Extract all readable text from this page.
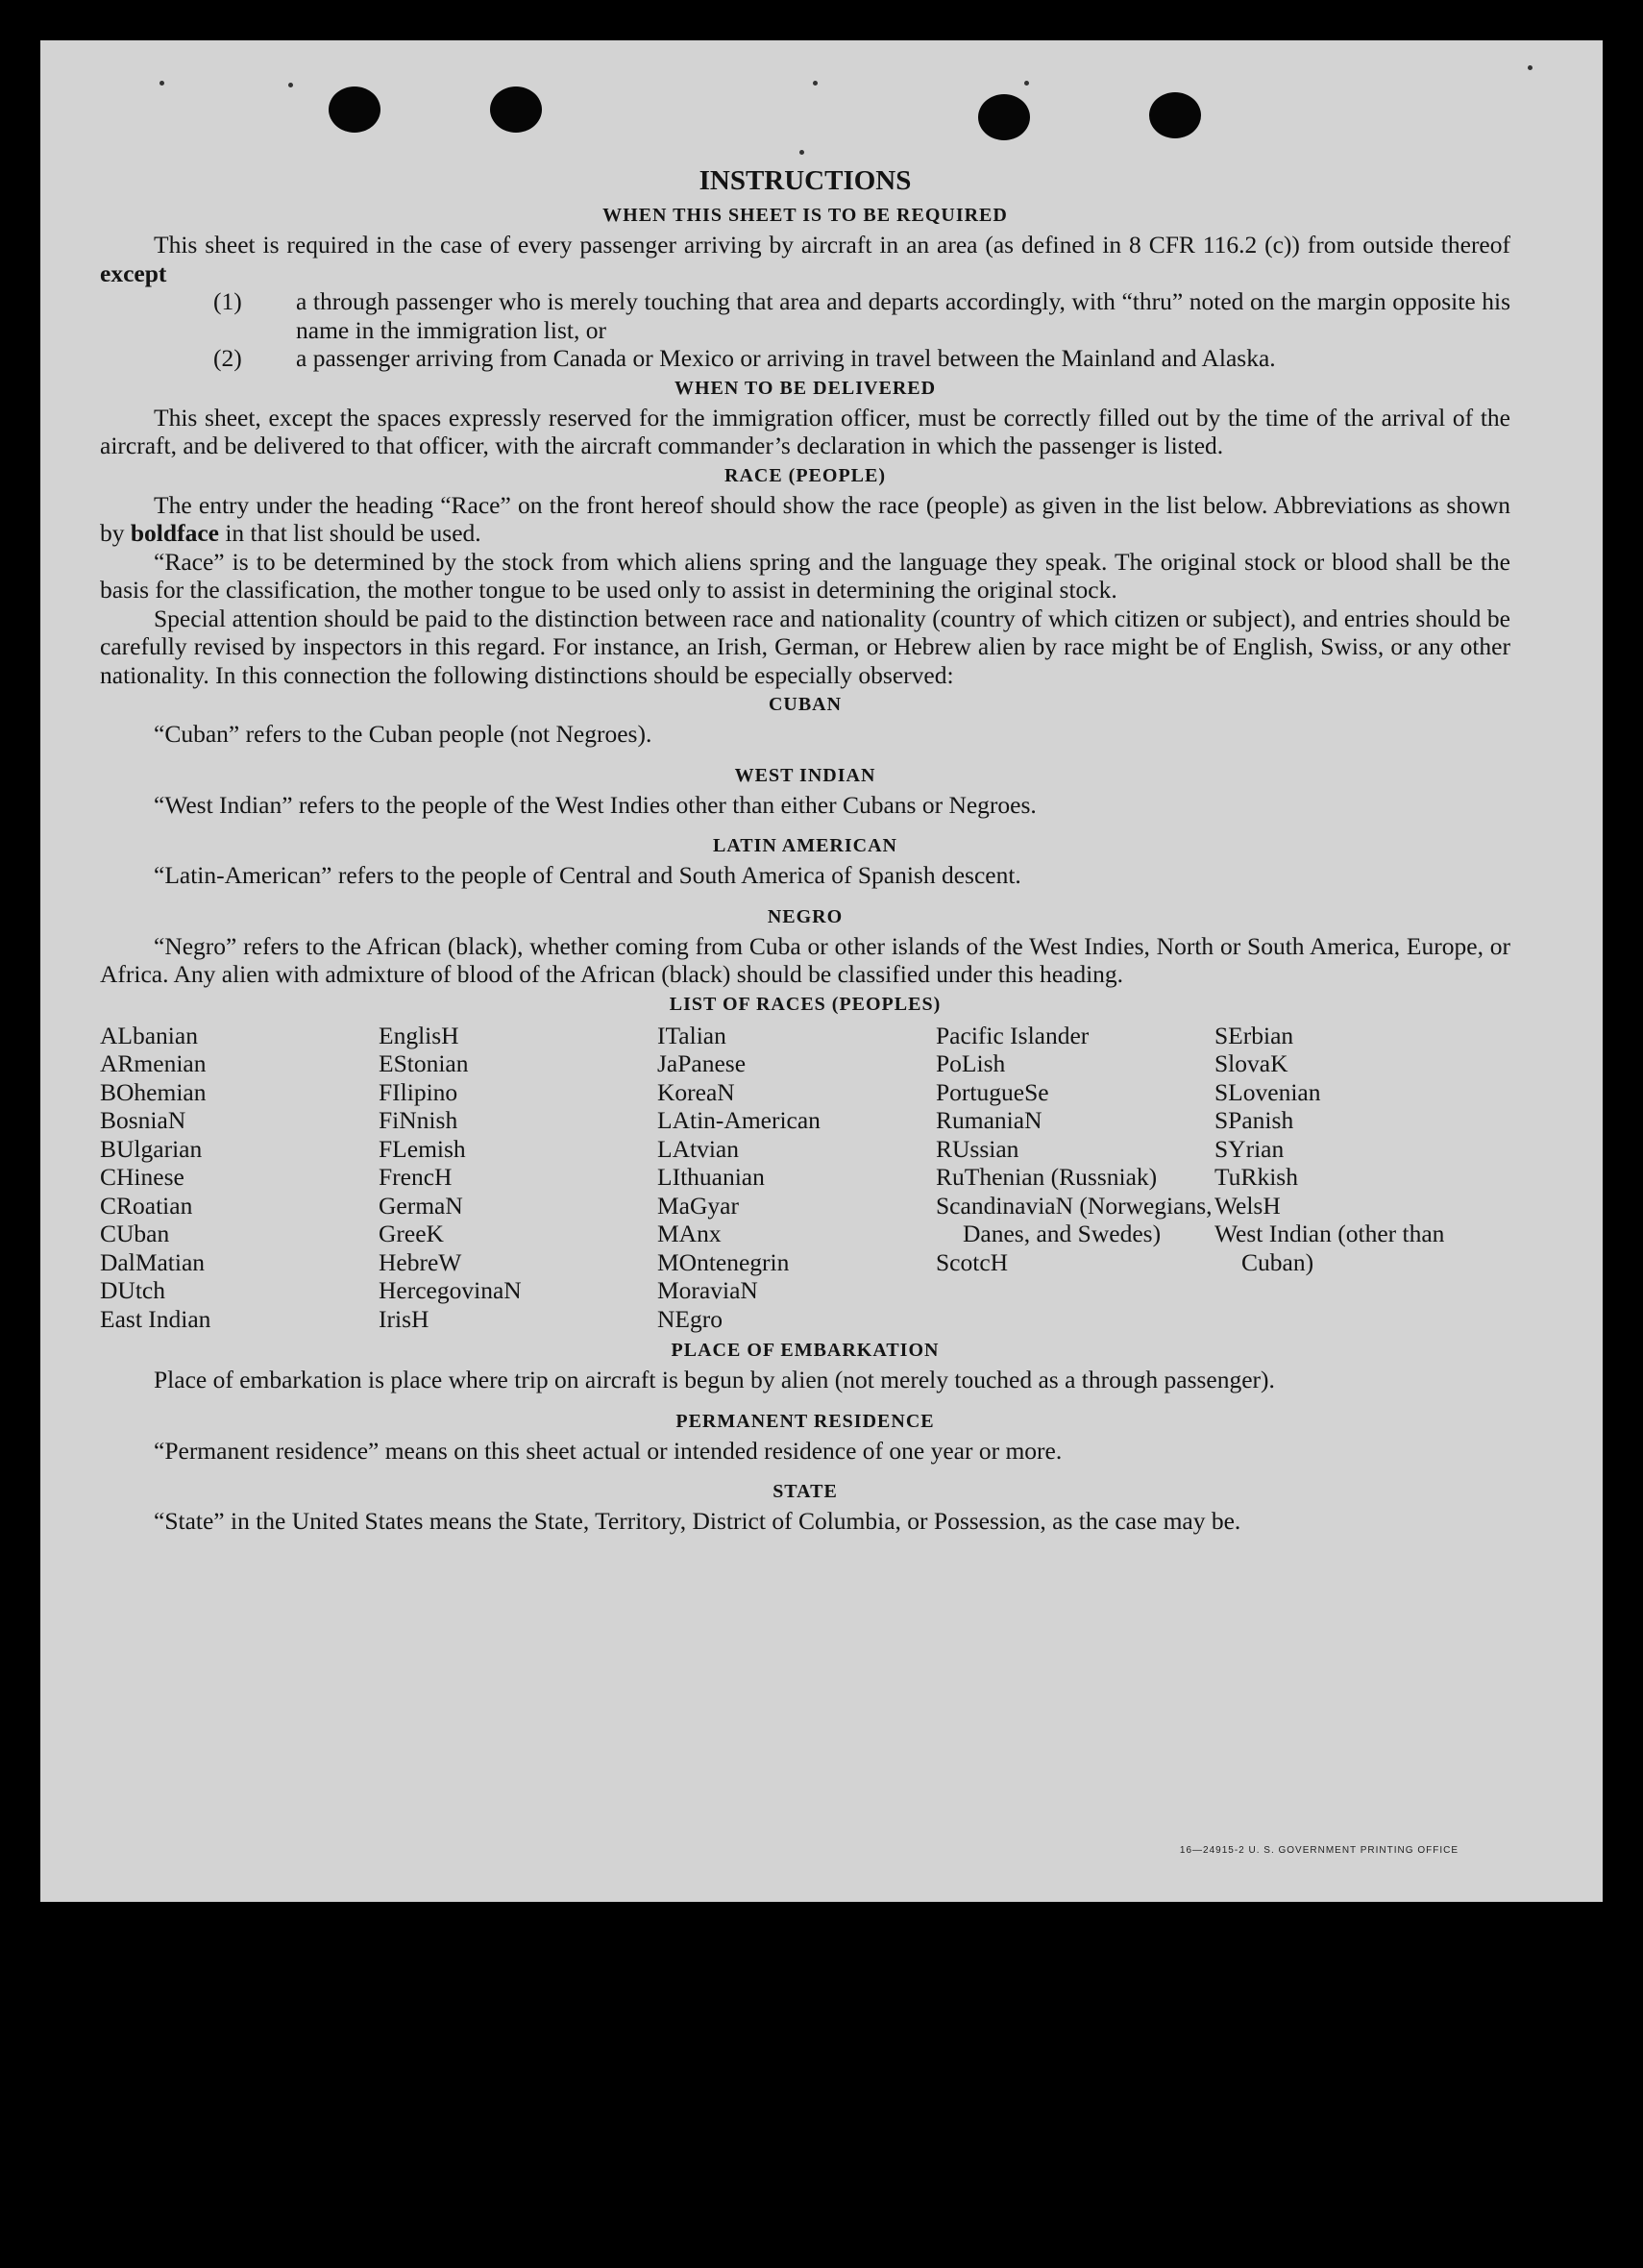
INSTRUCTIONS
WHEN THIS SHEET IS TO BE REQUIRED

This sheet is required in the case of every passenger arriving by aircraft in an area (as defined in 8 CFR 116.2 (c)) from outside thereof except

(1) a through passenger who is merely touching that area and departs accordingly, with “thru” noted on the margin opposite his name in the immigration list, or
(2) a passenger arriving from Canada or Mexico or arriving in travel between the Mainland and Alaska.
WHEN TO BE DELIVERED

This sheet, except the spaces expressly reserved for the immigration officer, must be correctly filled out by the time of the arrival of the aircraft, and be delivered to that officer, with the aircraft commander’s declaration in which the passenger is listed.

RACE (PEOPLE)

The entry under the heading “Race” on the front hereof should show the race (people) as given in the list below. Abbreviations as shown by boldface in that list should be used.

“Race” is to be determined by the stock from which aliens spring and the language they speak. The original stock or blood shall be the basis for the classification, the mother tongue to be used only to assist in determining the original stock.

Special attention should be paid to the distinction between race and nationality (country of which citizen or subject), and entries should be carefully revised by inspectors in this regard. For instance, an Irish, German, or Hebrew alien by race might be of English, Swiss, or any other nationality. In this connection the following distinctions should be especially observed:

CUBAN

“Cuban” refers to the Cuban people (not Negroes).

WEST INDIAN

“West Indian” refers to the people of the West Indies other than either Cubans or Negroes.

LATIN AMERICAN

“Latin-American” refers to the people of Central and South America of Spanish descent.

NEGRO

“Negro” refers to the African (black), whether coming from Cuba or other islands of the West Indies, North or South America, Europe, or Africa. Any alien with admixture of blood of the African (black) should be classified under this heading.

LIST OF RACES (PEOPLES)
ALbanian
ARmenian
BOhemian
BosniaN
BUlgarian
CHinese
CRoatian
CUban
DalMatian
DUtch
East Indian
EnglisH
EStonian
FIlipino
FiNnish
FLemish
FrencH
GermaN
GreeK
HebreW
HercegovinaN
IrisH
ITalian
JaPanese
KoreaN
LAtin-American
LAtvian
LIthuanian
MaGyar
MAnx
MOntenegrin
MoraviaN
NEgro
Pacific Islander
PoLish
PortugueSe
RumaniaN
RUssian
RuThenian (Russniak)
ScandinaviaN (Norwegians, Danes, and Swedes)
ScotcH
SErbian
SlovaK
SLovenian
SPanish
SYrian
TuRkish
WelsH
West Indian (other than Cuban)
PLACE OF EMBARKATION

Place of embarkation is place where trip on aircraft is begun by alien (not merely touched as a through passenger).

PERMANENT RESIDENCE

“Permanent residence” means on this sheet actual or intended residence of one year or more.

STATE

“State” in the United States means the State, Territory, District of Columbia, or Possession, as the case may be.

16—24915-2 U. S. GOVERNMENT PRINTING OFFICE
